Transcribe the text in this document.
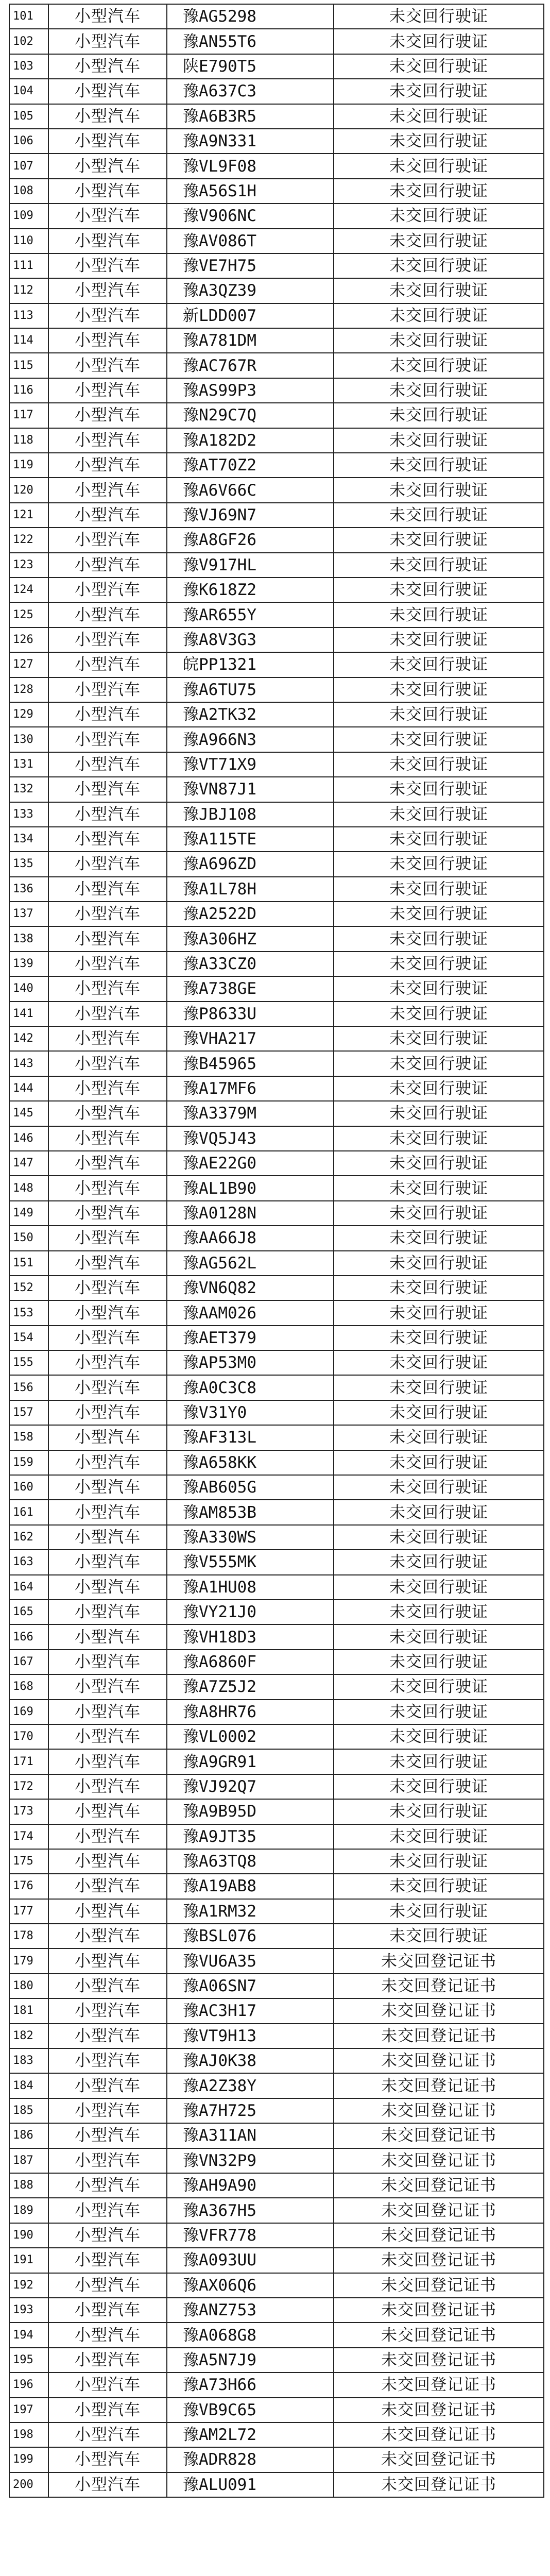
101	小型汽车	豫AG5298	未交回行驶证
102	小型汽车	豫AN55T6	未交回行驶证
103	小型汽车	陕E790T5	未交回行驶证
104	小型汽车	豫A637C3	未交回行驶证
105	小型汽车	豫A6B3R5	未交回行驶证
106	小型汽车	豫A9N331	未交回行驶证
107	小型汽车	豫VL9F08	未交回行驶证
108	小型汽车	豫A56S1H	未交回行驶证
109	小型汽车	豫V906NC	未交回行驶证
110	小型汽车	豫AV086T	未交回行驶证
111	小型汽车	豫VE7H75	未交回行驶证
112	小型汽车	豫A3QZ39	未交回行驶证
113	小型汽车	新LDD007	未交回行驶证
114	小型汽车	豫A781DM	未交回行驶证
115	小型汽车	豫AC767R	未交回行驶证
116	小型汽车	豫AS99P3	未交回行驶证
117	小型汽车	豫N29C7Q	未交回行驶证
118	小型汽车	豫A182D2	未交回行驶证
119	小型汽车	豫AT70Z2	未交回行驶证
120	小型汽车	豫A6V66C	未交回行驶证
121	小型汽车	豫VJ69N7	未交回行驶证
122	小型汽车	豫A8GF26	未交回行驶证
123	小型汽车	豫V917HL	未交回行驶证
124	小型汽车	豫K618Z2	未交回行驶证
125	小型汽车	豫AR655Y	未交回行驶证
126	小型汽车	豫A8V3G3	未交回行驶证
127	小型汽车	皖PP1321	未交回行驶证
128	小型汽车	豫A6TU75	未交回行驶证
129	小型汽车	豫A2TK32	未交回行驶证
130	小型汽车	豫A966N3	未交回行驶证
131	小型汽车	豫VT71X9	未交回行驶证
132	小型汽车	豫VN87J1	未交回行驶证
133	小型汽车	豫JBJ108	未交回行驶证
134	小型汽车	豫A115TE	未交回行驶证
135	小型汽车	豫A696ZD	未交回行驶证
136	小型汽车	豫A1L78H	未交回行驶证
137	小型汽车	豫A2522D	未交回行驶证
138	小型汽车	豫A306HZ	未交回行驶证
139	小型汽车	豫A33CZ0	未交回行驶证
140	小型汽车	豫A738GE	未交回行驶证
141	小型汽车	豫P8633U	未交回行驶证
142	小型汽车	豫VHA217	未交回行驶证
143	小型汽车	豫B45965	未交回行驶证
144	小型汽车	豫A17MF6	未交回行驶证
145	小型汽车	豫A3379M	未交回行驶证
146	小型汽车	豫VQ5J43	未交回行驶证
147	小型汽车	豫AE22G0	未交回行驶证
148	小型汽车	豫AL1B90	未交回行驶证
149	小型汽车	豫A0128N	未交回行驶证
150	小型汽车	豫AA66J8	未交回行驶证
151	小型汽车	豫AG562L	未交回行驶证
152	小型汽车	豫VN6Q82	未交回行驶证
153	小型汽车	豫AAM026	未交回行驶证
154	小型汽车	豫AET379	未交回行驶证
155	小型汽车	豫AP53M0	未交回行驶证
156	小型汽车	豫A0C3C8	未交回行驶证
157	小型汽车	豫V31Y0	未交回行驶证
158	小型汽车	豫AF313L	未交回行驶证
159	小型汽车	豫A658KK	未交回行驶证
160	小型汽车	豫AB605G	未交回行驶证
161	小型汽车	豫AM853B	未交回行驶证
162	小型汽车	豫A330WS	未交回行驶证
163	小型汽车	豫V555MK	未交回行驶证
164	小型汽车	豫A1HU08	未交回行驶证
165	小型汽车	豫VY21J0	未交回行驶证
166	小型汽车	豫VH18D3	未交回行驶证
167	小型汽车	豫A6860F	未交回行驶证
168	小型汽车	豫A7Z5J2	未交回行驶证
169	小型汽车	豫A8HR76	未交回行驶证
170	小型汽车	豫VL0002	未交回行驶证
171	小型汽车	豫A9GR91	未交回行驶证
172	小型汽车	豫VJ92Q7	未交回行驶证
173	小型汽车	豫A9B95D	未交回行驶证
174	小型汽车	豫A9JT35	未交回行驶证
175	小型汽车	豫A63TQ8	未交回行驶证
176	小型汽车	豫A19AB8	未交回行驶证
177	小型汽车	豫A1RM32	未交回行驶证
178	小型汽车	豫BSL076	未交回行驶证
179	小型汽车	豫VU6A35	未交回登记证书
180	小型汽车	豫A06SN7	未交回登记证书
181	小型汽车	豫AC3H17	未交回登记证书
182	小型汽车	豫VT9H13	未交回登记证书
183	小型汽车	豫AJ0K38	未交回登记证书
184	小型汽车	豫A2Z38Y	未交回登记证书
185	小型汽车	豫A7H725	未交回登记证书
186	小型汽车	豫A311AN	未交回登记证书
187	小型汽车	豫VN32P9	未交回登记证书
188	小型汽车	豫AH9A90	未交回登记证书
189	小型汽车	豫A367H5	未交回登记证书
190	小型汽车	豫VFR778	未交回登记证书
191	小型汽车	豫A093UU	未交回登记证书
192	小型汽车	豫AX06Q6	未交回登记证书
193	小型汽车	豫ANZ753	未交回登记证书
194	小型汽车	豫A068G8	未交回登记证书
195	小型汽车	豫A5N7J9	未交回登记证书
196	小型汽车	豫A73H66	未交回登记证书
197	小型汽车	豫VB9C65	未交回登记证书
198	小型汽车	豫AM2L72	未交回登记证书
199	小型汽车	豫ADR828	未交回登记证书
200	小型汽车	豫ALU091	未交回登记证书
